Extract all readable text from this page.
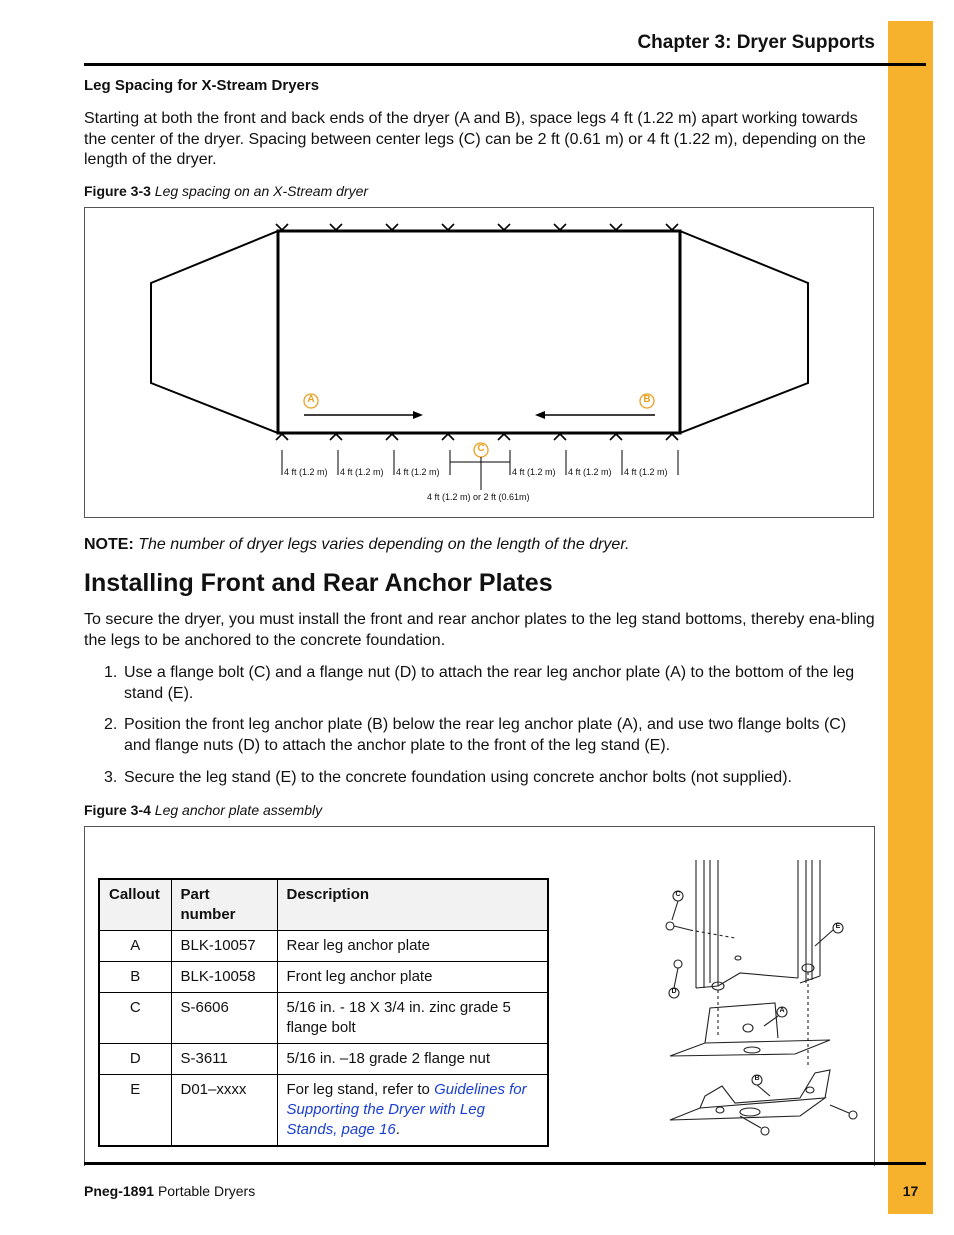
Chapter 3: Dryer Supports
Leg Spacing for X-Stream Dryers
Starting at both the front and back ends of the dryer (A and B), space legs 4 ft (1.22 m) apart working towards the center of the dryer. Spacing between center legs (C) can be 2 ft (0.61 m) or 4 ft (1.22 m), depending on the length of the dryer.
Figure 3-3 Leg spacing on an X-Stream dryer
A	B
C
4 ft (1.2 m) 4 ft (1.2 m) 4 ft (1.2 m)	4 ft (1.2 m) 4 ft (1.2 m) 4 ft (1.2 m)
4 ft (1.2 m) or 2 ft (0.61m)
NOTE: The number of dryer legs varies depending on the length of the dryer.
Installing Front and Rear Anchor Plates
To secure the dryer, you must install the front and rear anchor plates to the leg stand bottoms, thereby ena-bling the legs to be anchored to the concrete foundation.
1. Use a flange bolt (C) and a flange nut (D) to attach the rear leg anchor plate (A) to the bottom of the leg stand (E).
2. Position the front leg anchor plate (B) below the rear leg anchor plate (A), and use two flange bolts (C) and flange nuts (D) to attach the anchor plate to the front of the leg stand (E).
3. Secure the leg stand (E) to the concrete foundation using concrete anchor bolts (not supplied).
Figure 3-4 Leg anchor plate assembly
Callout	Part number	Description
A	BLK-10057	Rear leg anchor plate
B	BLK-10058	Front leg anchor plate
C	S-6606	5/16 in. - 18 X 3/4 in. zinc grade 5 flange bolt
D	S-3611	5/16 in. –18 grade 2 flange nut
E	D01–xxxx	For leg stand, refer to Guidelines for Supporting the Dryer with Leg Stands, page 16.
C
E
D
A
B
Pneg-1891 Portable Dryers	17
